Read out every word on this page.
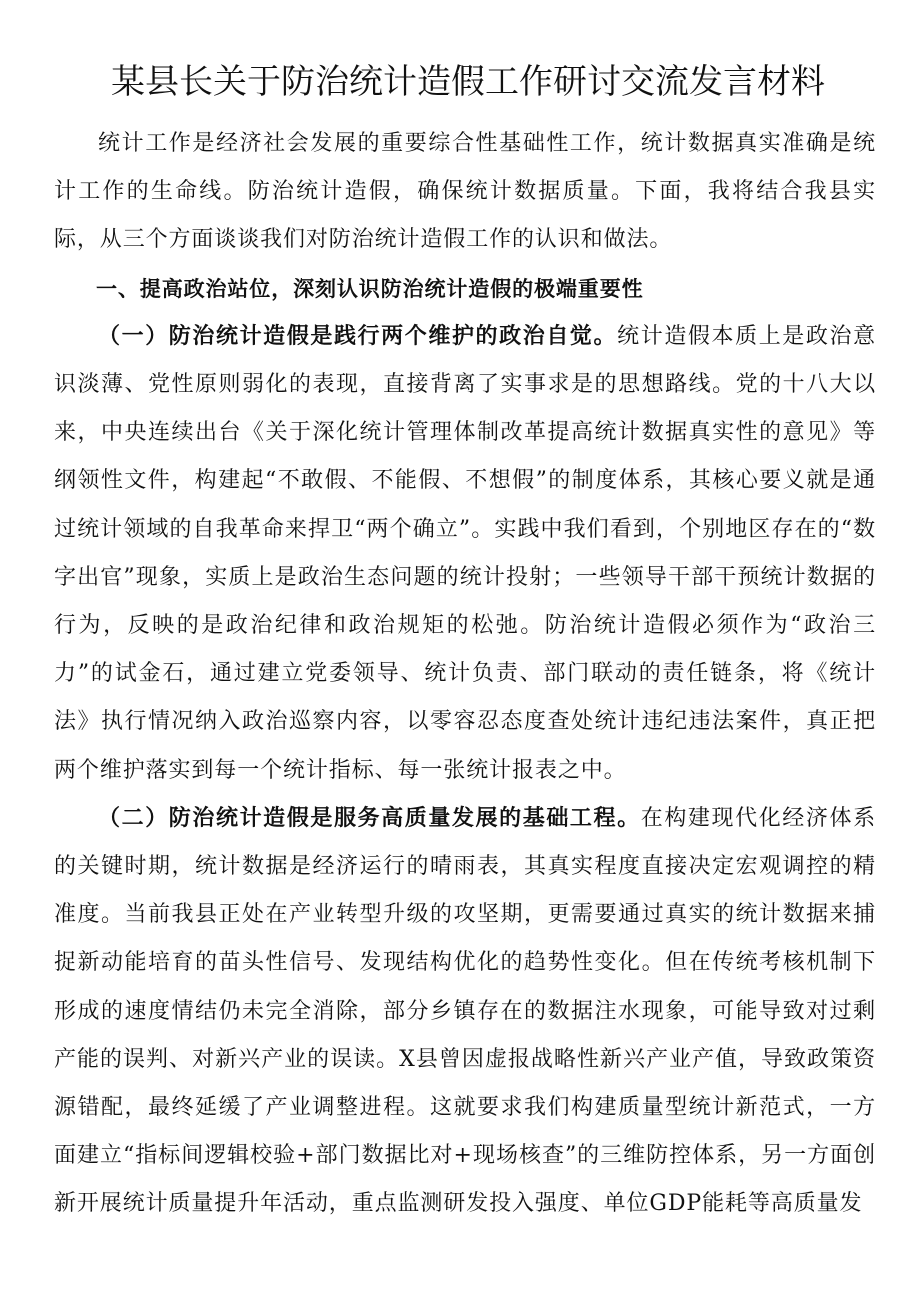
某县长关于防治统计造假工作研讨交流发言材料

统计工作是经济社会发展的重要综合性基础性工作，统计数据真实准确是统计工作的生命线。防治统计造假，确保统计数据质量。下面，我将结合我县实际，从三个方面谈谈我们对防治统计造假工作的认识和做法。

一、提高政治站位，深刻认识防治统计造假的极端重要性

（一）防治统计造假是践行两个维护的政治自觉。统计造假本质上是政治意识淡薄、党性原则弱化的表现，直接背离了实事求是的思想路线。党的十八大以来，中央连续出台《关于深化统计管理体制改革提高统计数据真实性的意见》等纲领性文件，构建起“不敢假、不能假、不想假”的制度体系，其核心要义就是通过统计领域的自我革命来捍卫“两个确立”。实践中我们看到，个别地区存在的“数字出官”现象，实质上是政治生态问题的统计投射；一些领导干部干预统计数据的行为，反映的是政治纪律和政治规矩的松弛。防治统计造假必须作为“政治三力”的试金石，通过建立党委领导、统计负责、部门联动的责任链条，将《统计法》执行情况纳入政治巡察内容，以零容忍态度查处统计违纪违法案件，真正把两个维护落实到每一个统计指标、每一张统计报表之中。

（二）防治统计造假是服务高质量发展的基础工程。在构建现代化经济体系的关键时期，统计数据是经济运行的晴雨表，其真实程度直接决定宏观调控的精准度。当前我县正处在产业转型升级的攻坚期，更需要通过真实的统计数据来捕捉新动能培育的苗头性信号、发现结构优化的趋势性变化。但在传统考核机制下形成的速度情结仍未完全消除，部分乡镇存在的数据注水现象，可能导致对过剩产能的误判、对新兴产业的误读。X县曾因虚报战略性新兴产业产值，导致政策资源错配，最终延缓了产业调整进程。这就要求我们构建质量型统计新范式，一方面建立“指标间逻辑校验+部门数据比对+现场核查”的三维防控体系，另一方面创新开展统计质量提升年活动，重点监测研发投入强度、单位GDP能耗等高质量发
